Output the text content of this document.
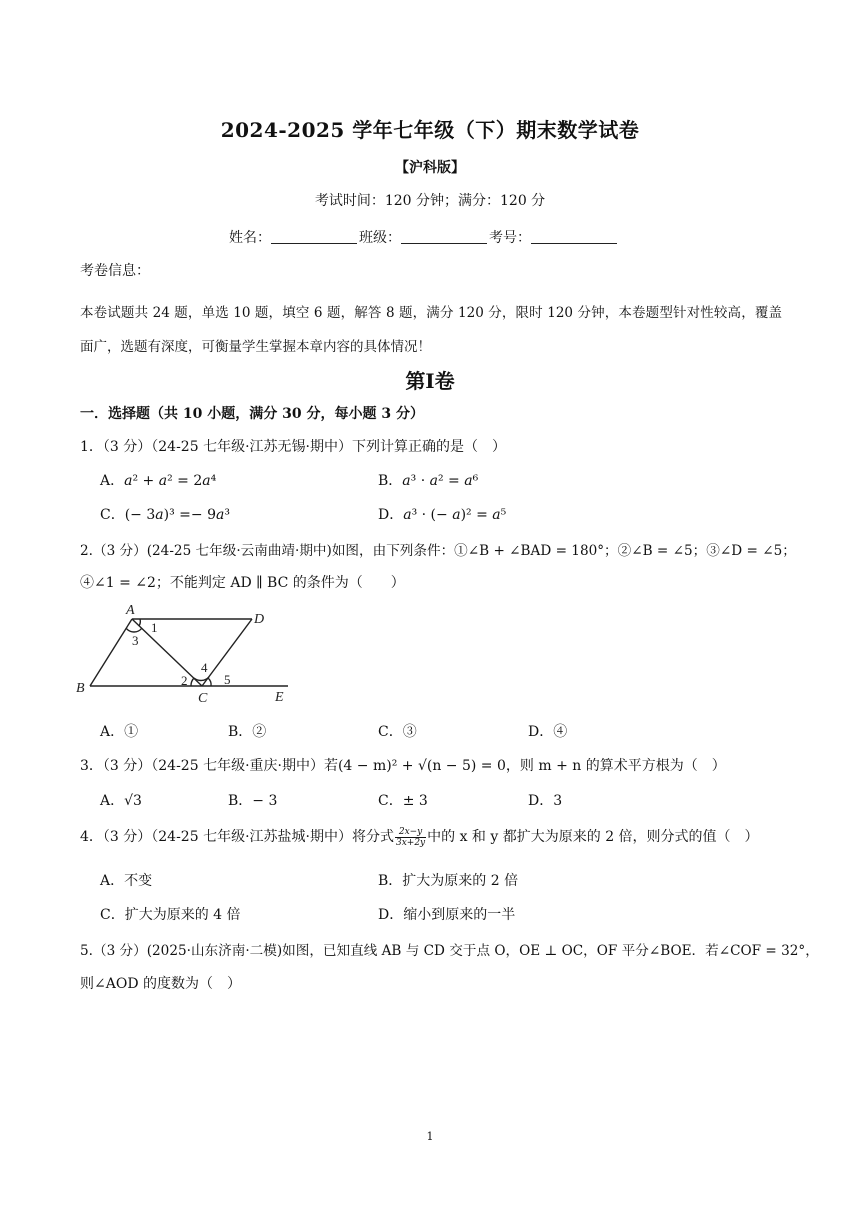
2024-2025 学年七年级（下）期末数学试卷
【沪科版】
考试时间：120 分钟；满分：120 分
姓名：	班级：	考号：
考卷信息：
本卷试题共 24 题，单选 10 题，填空 6 题，解答 8 题，满分 120 分，限时 120 分钟，本卷题型针对性较高，覆盖面广，选题有深度，可衡量学生掌握本章内容的具体情况！
第Ⅰ卷
一．选择题（共 10 小题，满分 30 分，每小题 3 分）
1．（3 分）（24-25 七年级·江苏无锡·期中）下列计算正确的是（　）
A．a² + a² = 2a⁴	B．a³ · a² = a⁶
C．(− 3a)³ =− 9a³	D．a³ · (− a)² = a⁵
2.（3 分）(24-25 七年级·云南曲靖·期中)如图，由下列条件：①∠B + ∠BAD = 180°；②∠B = ∠5；③∠D = ∠5；
④∠1 = ∠2；不能判定 AD ∥ BC 的条件为（　　）
A
D
B
C	E
1
2
3
4
5
A．①	B．②	C．③	D．④
3．（3 分）（24-25 七年级·重庆·期中）若(4 − m)² + √(n − 5) = 0，则 m + n 的算术平方根为（　）
A．√3	B．− 3	C．± 3	D．3
4．（3 分）（24-25 七年级·江苏盐城·期中）将分式 $\frac{2x-y}{3x+2y}$ 中的 x 和 y 都扩大为原来的 2 倍，则分式的值（　）
A．不变	B．扩大为原来的 2 倍
C．扩大为原来的 4 倍	D．缩小到原来的一半
5.（3 分）(2025·山东济南·二模)如图，已知直线 AB 与 CD 交于点 O，OE ⊥ OC，OF 平分∠BOE．若∠COF = 32°，
则∠AOD 的度数为（　）
1
